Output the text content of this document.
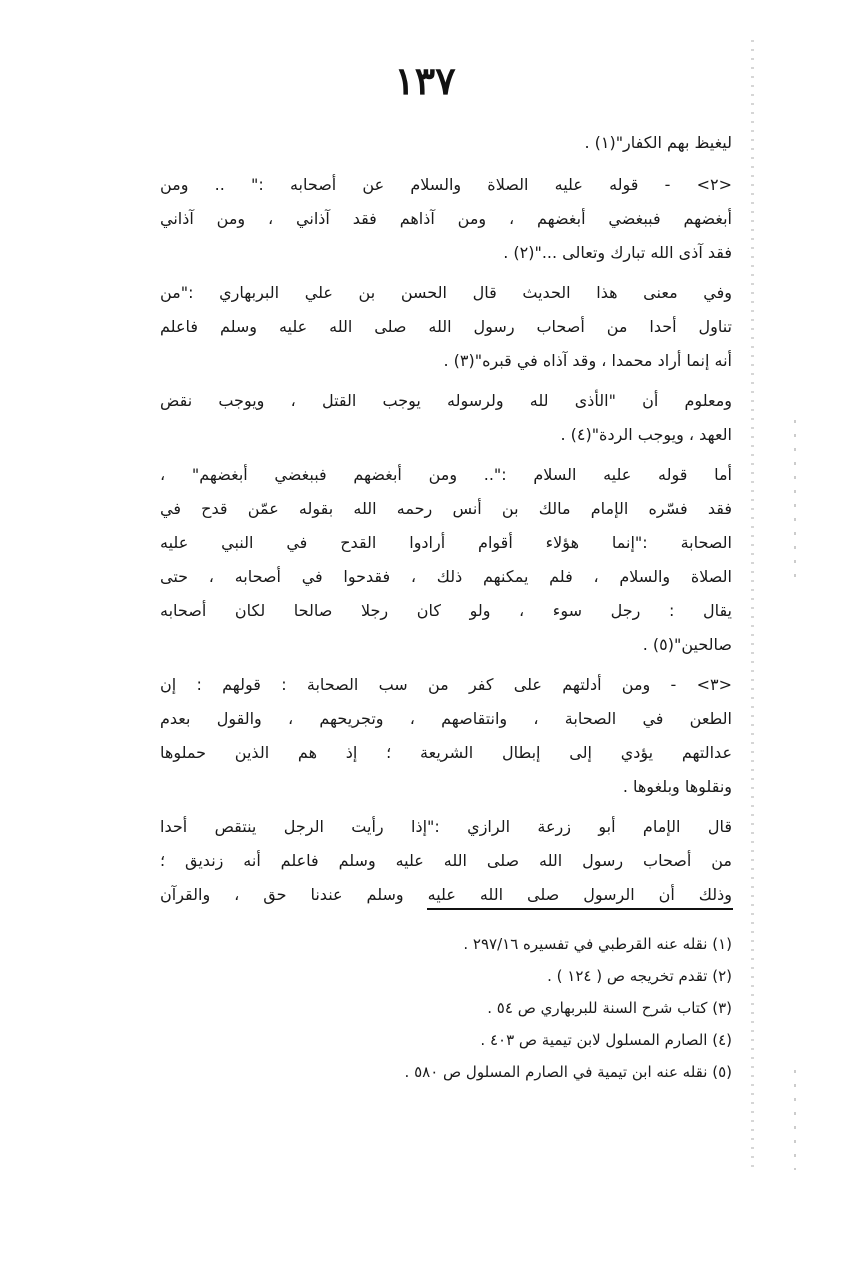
١٣٧
ليغيظ بهم الكفار"(١) .
<٢> - قوله عليه الصلاة والسلام عن أصحابه :" .. ومن
أبغضهم فببغضي أبغضهم ، ومن آذاهم فقد آذاني ، ومن آذاني
فقد آذى الله تبارك وتعالى ..."(٢) .
وفي معنى هذا الحديث قال الحسن بن علي البربهاري :"من
تناول أحدا من أصحاب رسول الله صلى الله عليه وسلم فاعلم
أنه إنما أراد محمدا ، وقد آذاه في قبره"(٣) .
ومعلوم أن "الأذى لله ولرسوله يوجب القتل ، ويوجب نقض
العهد ، ويوجب الردة"(٤) .
أما قوله عليه السلام :".. ومن أبغضهم فببغضي أبغضهم" ،
فقد فسّره الإمام مالك بن أنس رحمه الله بقوله عمّن قدح في
الصحابة :"إنما هؤلاء أقوام أرادوا القدح في النبي عليه
الصلاة والسلام ، فلم يمكنهم ذلك ، فقدحوا في أصحابه ، حتى
يقال : رجل سوء ، ولو كان رجلا صالحا لكان أصحابه
صالحين"(٥) .
<٣> - ومن أدلتهم على كفر من سب الصحابة : قولهم : إن
الطعن في الصحابة ، وانتقاصهم ، وتجريحهم ، والقول بعدم
عدالتهم يؤدي إلى إبطال الشريعة ؛ إذ هم الذين حملوها
ونقلوها وبلغوها .
قال الإمام أبو زرعة الرازي :"إذا رأيت الرجل ينتقص أحدا
من أصحاب رسول الله صلى الله عليه وسلم فاعلم أنه زنديق ؛
وذلك أن الرسول صلى الله عليه وسلم عندنا حق ، والقرآن
(١) نقله عنه القرطبي في تفسيره ٢٩٧/١٦ .
(٢) تقدم تخريجه ص ( ١٢٤ ) .
(٣) كتاب شرح السنة للبربهاري ص ٥٤ .
(٤) الصارم المسلول لابن تيمية ص ٤٠٣ .
(٥) نقله عنه ابن تيمية في الصارم المسلول ص ٥٨٠ .
